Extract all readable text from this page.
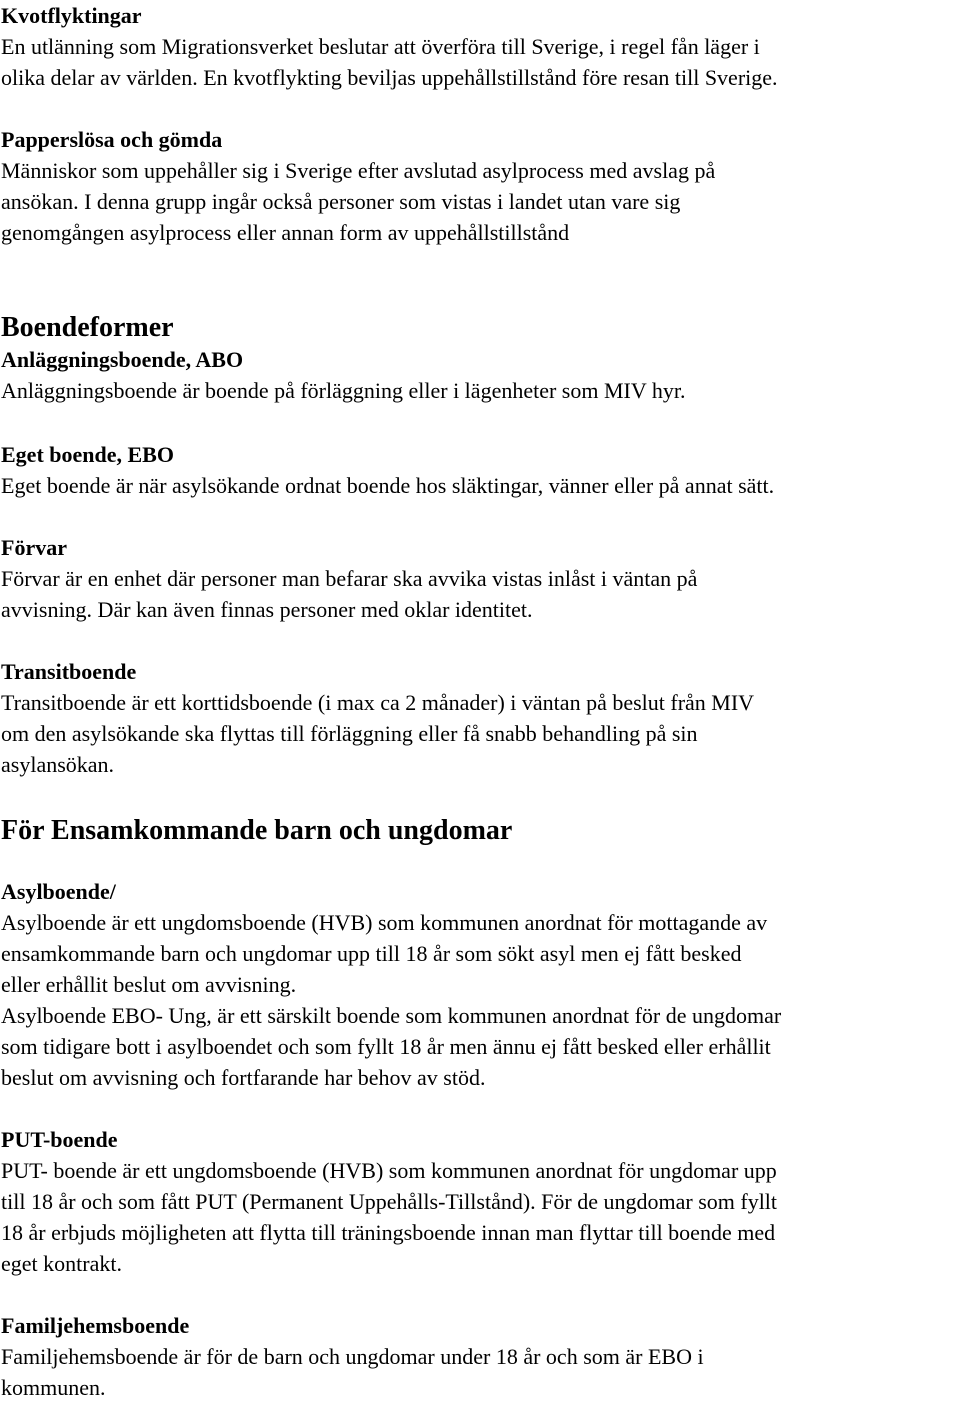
Kvotflyktingar

En utlänning som Migrationsverket beslutar att överföra till Sverige, i regel fån läger i

olika delar av världen. En kvotflykting beviljas uppehållstillstånd före resan till Sverige.

Papperslösa och gömda

Människor som uppehåller sig i Sverige efter avslutad asylprocess med avslag på

ansökan. I denna grupp ingår också personer som vistas i landet utan vare sig

genomgången asylprocess eller annan form av uppehållstillstånd

Boendeformer

Anläggningsboende, ABO

Anläggningsboende är boende på förläggning eller i lägenheter som MIV hyr.

Eget boende, EBO

Eget boende är när asylsökande ordnat boende hos släktingar, vänner eller på annat sätt.

Förvar

Förvar är en enhet där personer man befarar ska avvika vistas inlåst i väntan på

avvisning. Där kan även finnas personer med oklar identitet.

Transitboende

Transitboende är ett korttidsboende (i max ca 2 månader) i väntan på beslut från MIV

om den asylsökande ska flyttas till förläggning eller få snabb behandling på sin

asylansökan.

För Ensamkommande barn och ungdomar

Asylboende/

Asylboende är ett ungdomsboende (HVB) som kommunen anordnat för mottagande av

ensamkommande barn och ungdomar upp till 18 år som sökt asyl men ej fått besked

eller erhållit beslut om avvisning.

Asylboende EBO- Ung, är ett särskilt boende som kommunen anordnat för de ungdomar

som tidigare bott i asylboendet och som fyllt 18 år men ännu ej fått besked eller erhållit

beslut om avvisning och fortfarande har behov av stöd.

PUT-boende

PUT- boende är ett ungdomsboende (HVB) som kommunen anordnat för ungdomar upp

till 18 år och som fått PUT (Permanent Uppehålls-Tillstånd). För de ungdomar som fyllt

18 år erbjuds möjligheten att flytta till träningsboende innan man flyttar till boende med

eget kontrakt.

Familjehemsboende

Familjehemsboende är för de barn och ungdomar under 18 år och som är EBO i

kommunen.
